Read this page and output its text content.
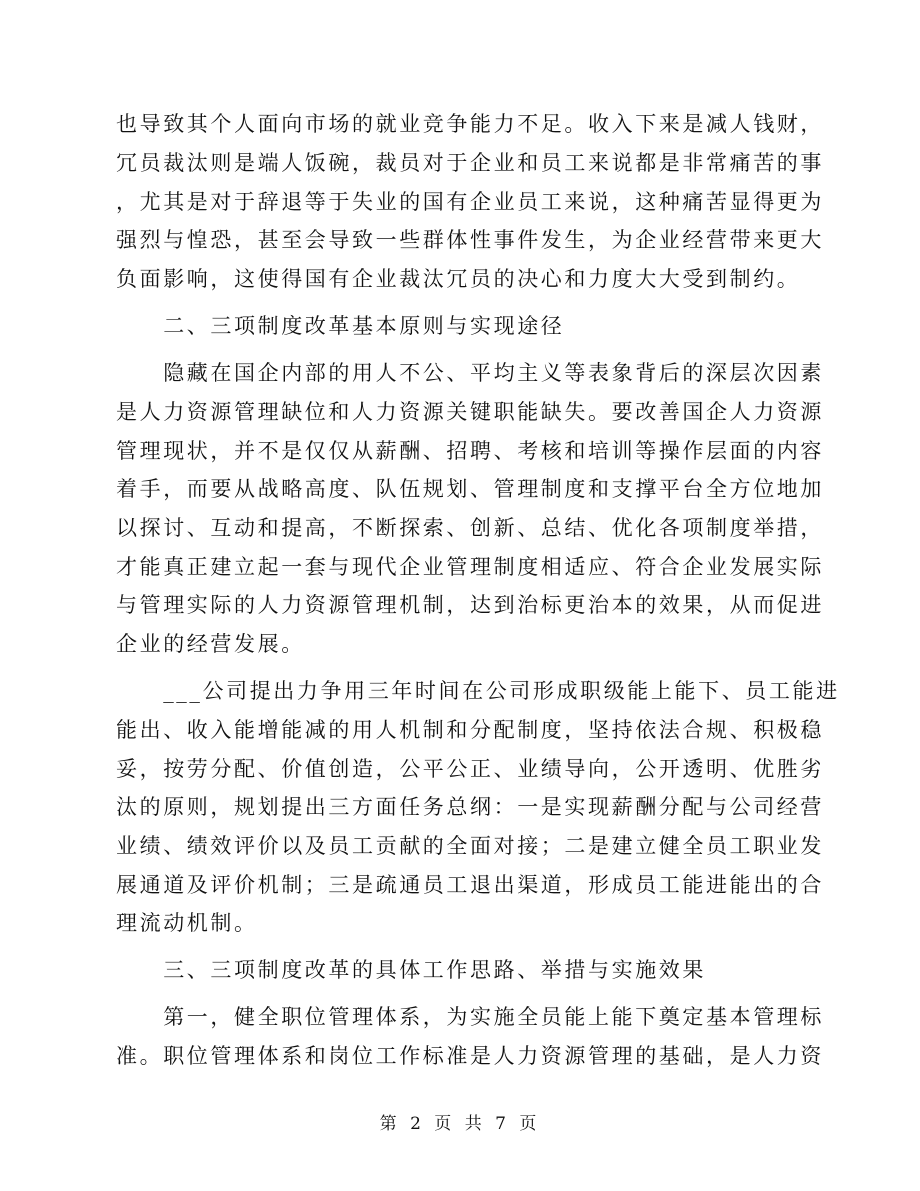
也导致其个人面向市场的就业竞争能力不足。收入下来是减人钱财，
冗员裁汰则是端人饭碗，裁员对于企业和员工来说都是非常痛苦的事
，尤其是对于辞退等于失业的国有企业员工来说，这种痛苦显得更为
强烈与惶恐，甚至会导致一些群体性事件发生，为企业经营带来更大
负面影响，这使得国有企业裁汰冗员的决心和力度大大受到制约。
　　二、三项制度改革基本原则与实现途径
　　隐藏在国企内部的用人不公、平均主义等表象背后的深层次因素
是人力资源管理缺位和人力资源关键职能缺失。要改善国企人力资源
管理现状，并不是仅仅从薪酬、招聘、考核和培训等操作层面的内容
着手，而要从战略高度、队伍规划、管理制度和支撑平台全方位地加
以探讨、互动和提高，不断探索、创新、总结、优化各项制度举措，
才能真正建立起一套与现代企业管理制度相适应、符合企业发展实际
与管理实际的人力资源管理机制，达到治标更治本的效果，从而促进
企业的经营发展。
　　___公司提出力争用三年时间在公司形成职级能上能下、员工能进
能出、收入能增能减的用人机制和分配制度，坚持依法合规、积极稳
妥，按劳分配、价值创造，公平公正、业绩导向，公开透明、优胜劣
汰的原则，规划提出三方面任务总纲：一是实现薪酬分配与公司经营
业绩、绩效评价以及员工贡献的全面对接；二是建立健全员工职业发
展通道及评价机制；三是疏通员工退出渠道，形成员工能进能出的合
理流动机制。
　　三、三项制度改革的具体工作思路、举措与实施效果
　　第一，健全职位管理体系，为实施全员能上能下奠定基本管理标
准。职位管理体系和岗位工作标准是人力资源管理的基础，是人力资
第 2 页 共 7 页
